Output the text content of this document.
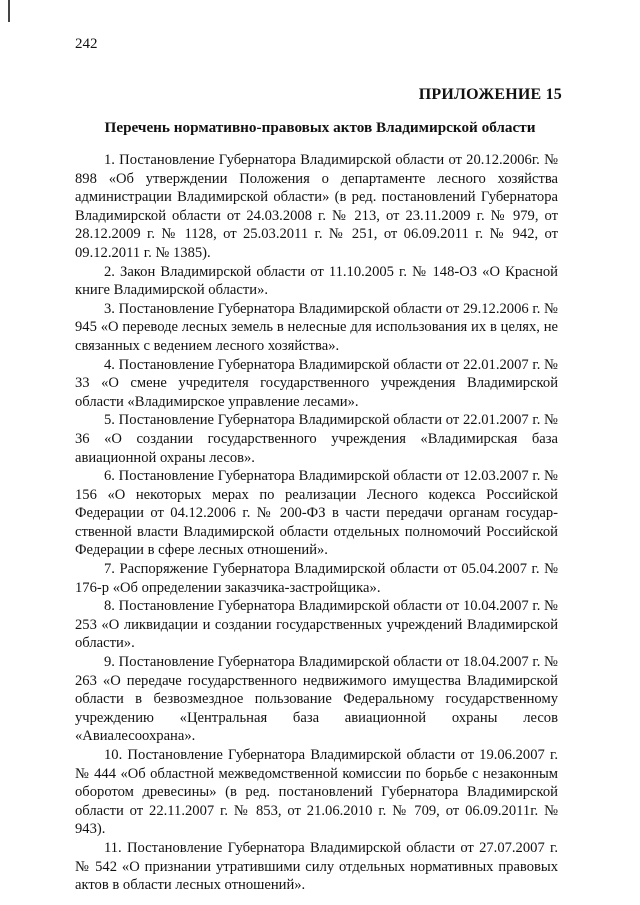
242
ПРИЛОЖЕНИЕ 15
Перечень нормативно-правовых актов Владимирской области

1. Постановление Губернатора Владимирской области от 20.12.2006г. № 898 «Об утверждении Положения о департаменте лесного хозяйства администрации Владимирской области» (в ред. постановлений Губернатора Владимирской области от 24.03.2008 г. № 213, от 23.11.2009 г. № 979, от 28.12.2009 г. № 1128, от 25.03.2011 г. № 251, от 06.09.2011 г. № 942, от 09.12.2011 г. № 1385).

2. Закон Владимирской области от 11.10.2005 г. № 148-ОЗ «О Красной книге Владимирской области».

3. Постановление Губернатора Владимирской области от 29.12.2006 г. № 945 «О переводе лесных земель в нелесные для использования их в целях, не связанных с ведением лесного хозяйства».

4. Постановление Губернатора Владимирской области от 22.01.2007 г. № 33 «О смене учредителя государственного учреждения Владимирской области «Владимирское управление лесами».

5. Постановление Губернатора Владимирской области от 22.01.2007 г. № 36 «О создании государственного учреждения «Владимирская база авиационной охраны лесов».

6. Постановление Губернатора Владимирской области от 12.03.2007 г. № 156 «О некоторых мерах по реализации Лесного кодекса Российской Федерации от 04.12.2006 г. № 200-ФЗ в части передачи органам государственной власти Владимирской области отдельных полномочий Российской Федерации в сфере лесных отношений».

7. Распоряжение Губернатора Владимирской области от 05.04.2007 г. № 176-р «Об определении заказчика-застройщика».

8. Постановление Губернатора Владимирской области от 10.04.2007 г. № 253 «О ликвидации и создании государственных учреждений Владимирской области».

9. Постановление Губернатора Владимирской области от 18.04.2007 г. № 263 «О передаче государственного недвижимого имущества Владимирской области в безвозмездное пользование Федеральному государственному учреждению «Центральная база авиационной охраны лесов «Авиалесоохрана».

10. Постановление Губернатора Владимирской области от 19.06.2007 г. № 444 «Об областной межведомственной комиссии по борьбе с незаконным оборотом древесины» (в ред. постановлений Губернатора Владимирской области от 22.11.2007 г. № 853, от 21.06.2010 г. № 709, от 06.09.2011г. № 943).

11. Постановление Губернатора Владимирской области от 27.07.2007 г. № 542 «О признании утратившими силу отдельных нормативных правовых актов в области лесных отношений».
